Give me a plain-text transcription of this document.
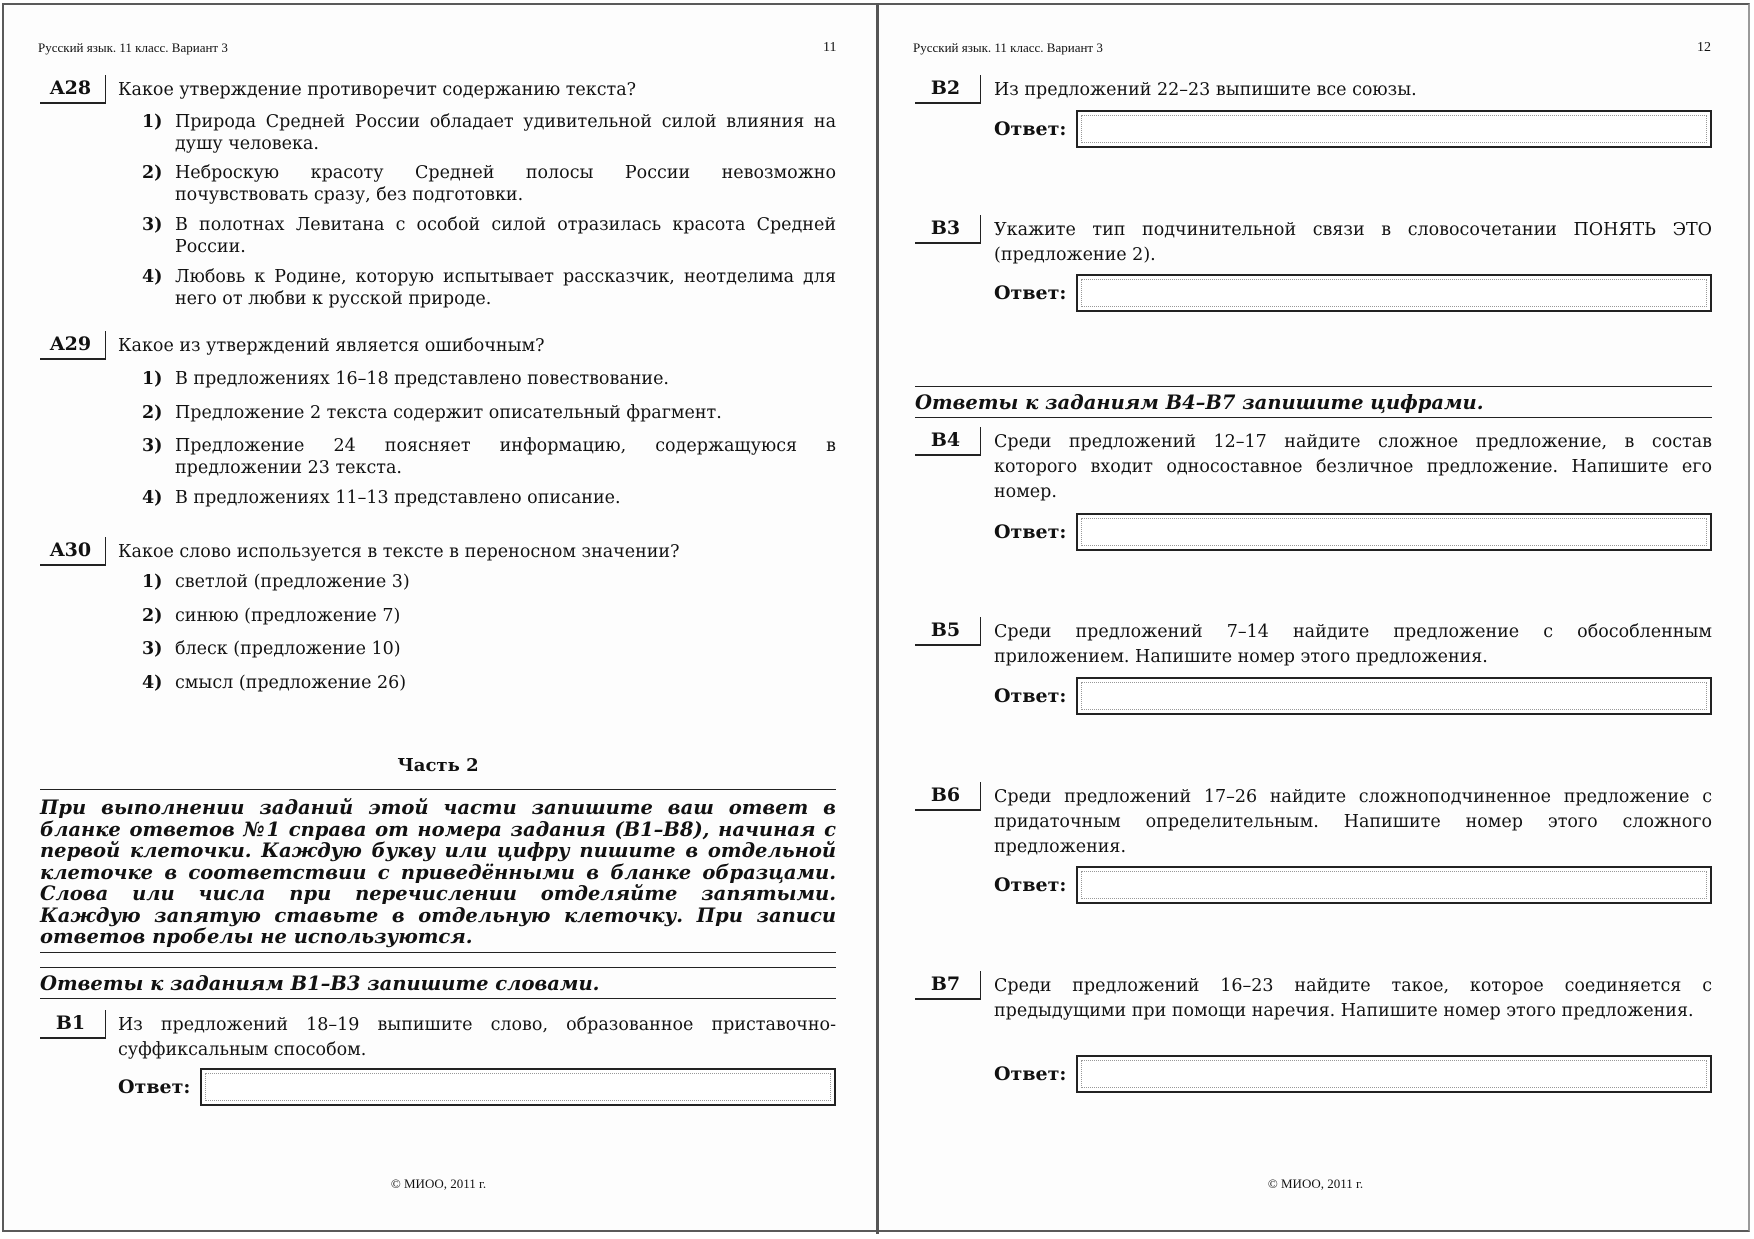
Русский язык. 11 класс. Вариант 3	11
A28	Какое утверждение противоречит содержанию текста?
1) Природа Средней России обладает удивительной силой влияния на душу человека.
2) Неброскую красоту Средней полосы России невозможно почувствовать сразу, без подготовки.
3) В полотнах Левитана с особой силой отразилась красота Средней России.
4) Любовь к Родине, которую испытывает рассказчик, неотделима для него от любви к русской природе.
A29	Какое из утверждений является ошибочным?
1) В предложениях 16–18 представлено повествование.
2) Предложение 2 текста содержит описательный фрагмент.
3) Предложение 24 поясняет информацию, содержащуюся в предложении 23 текста.
4) В предложениях 11–13 представлено описание.
A30	Какое слово используется в тексте в переносном значении?
1) светлой (предложение 3)
2) синюю (предложение 7)
3) блеск (предложение 10)
4) смысл (предложение 26)
Часть 2
При выполнении заданий этой части запишите ваш ответ в бланке ответов №1 справа от номера задания (B1–B8), начиная с первой клеточки. Каждую букву или цифру пишите в отдельной клеточке в соответствии с приведёнными в бланке образцами. Слова или числа при перечислении отделяйте запятыми. Каждую запятую ставьте в отдельную клеточку. При записи ответов пробелы не используются.
Ответы к заданиям B1–B3 запишите словами.
B1	Из предложений 18–19 выпишите слово, образованное приставочно-суффиксальным способом.
Ответ:
© МИОО, 2011 г.
Русский язык. 11 класс. Вариант 3	12
B2	Из предложений 22–23 выпишите все союзы.
Ответ:
B3	Укажите тип подчинительной связи в словосочетании ПОНЯТЬ ЭТО (предложение 2).
Ответ:
Ответы к заданиям B4–B7 запишите цифрами.
B4	Среди предложений 12–17 найдите сложное предложение, в состав которого входит односоставное безличное предложение. Напишите его номер.
Ответ:
B5	Среди предложений 7–14 найдите предложение с обособленным приложением. Напишите номер этого предложения.
Ответ:
B6	Среди предложений 17–26 найдите сложноподчиненное предложение с придаточным определительным. Напишите номер этого сложного предложения.
Ответ:
B7	Среди предложений 16–23 найдите такое, которое соединяется с предыдущими при помощи наречия. Напишите номер этого предложения.
Ответ:
© МИОО, 2011 г.
